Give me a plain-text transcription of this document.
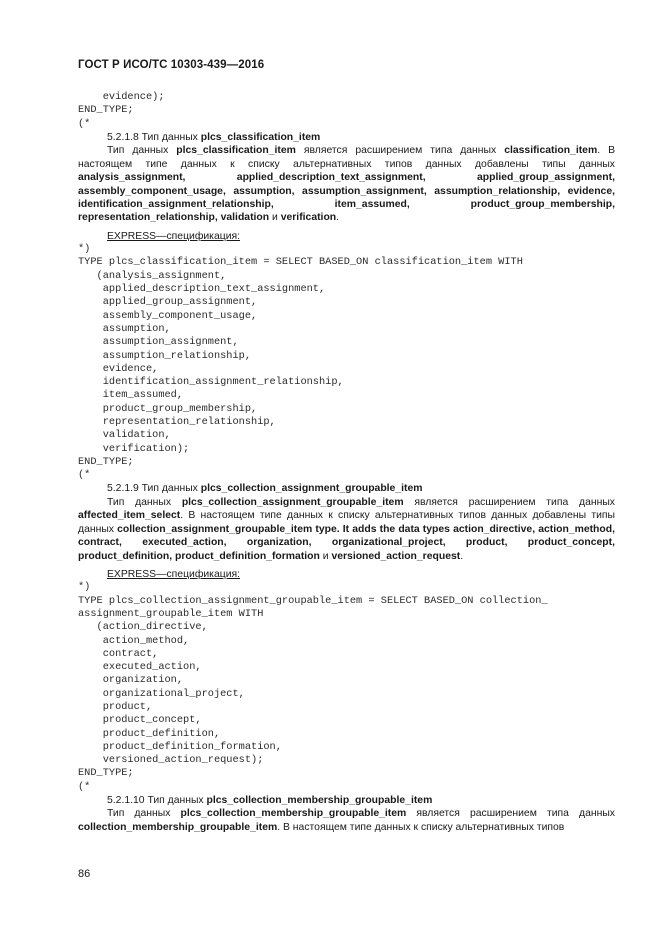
ГОСТ Р ИСО/ТС 10303-439—2016
evidence);
END_TYPE;
(*

5.2.1.8 Тип данных plcs_classification_item

Тип данных plcs_classification_item является расширением типа данных classification_item. В настоящем типе данных к списку альтернативных типов данных добавлены типы данных analysis_assignment, applied_description_text_assignment, applied_group_assignment, assembly_component_usage, assumption, assumption_assignment, assumption_relationship, evidence, identification_assignment_relationship, item_assumed, product_group_membership, representation_relationship, validation и verification.

EXPRESS—спецификация:

*)
TYPE plcs_classification_item = SELECT BASED_ON classification_item WITH
(analysis_assignment,
applied_description_text_assignment,
applied_group_assignment,
assembly_component_usage,
assumption,
assumption_assignment,
assumption_relationship,
evidence,
identification_assignment_relationship,
item_assumed,
product_group_membership,
representation_relationship,
validation,
verification);
END_TYPE;
(*

5.2.1.9 Тип данных plcs_collection_assignment_groupable_item

Тип данных plcs_collection_assignment_groupable_item является расширением типа данных affected_item_select. В настоящем типе данных к списку альтернативных типов данных добавлены типы данных collection_assignment_groupable_item type. It adds the data types action_directive, action_method, contract, executed_action, organization, organizational_project, product, product_concept, product_definition, product_definition_formation и versioned_action_request.

EXPRESS—спецификация:

*)
TYPE plcs_collection_assignment_groupable_item = SELECT BASED_ON collection_
assignment_groupable_item WITH
(action_directive,
action_method,
contract,
executed_action,
organization,
organizational_project,
product,
product_concept,
product_definition,
product_definition_formation,
versioned_action_request);
END_TYPE;
(*

5.2.1.10 Тип данных plcs_collection_membership_groupable_item

Тип данных plcs_collection_membership_groupable_item является расширением типа данных collection_membership_groupable_item. В настоящем типе данных к списку альтернативных типов

86
